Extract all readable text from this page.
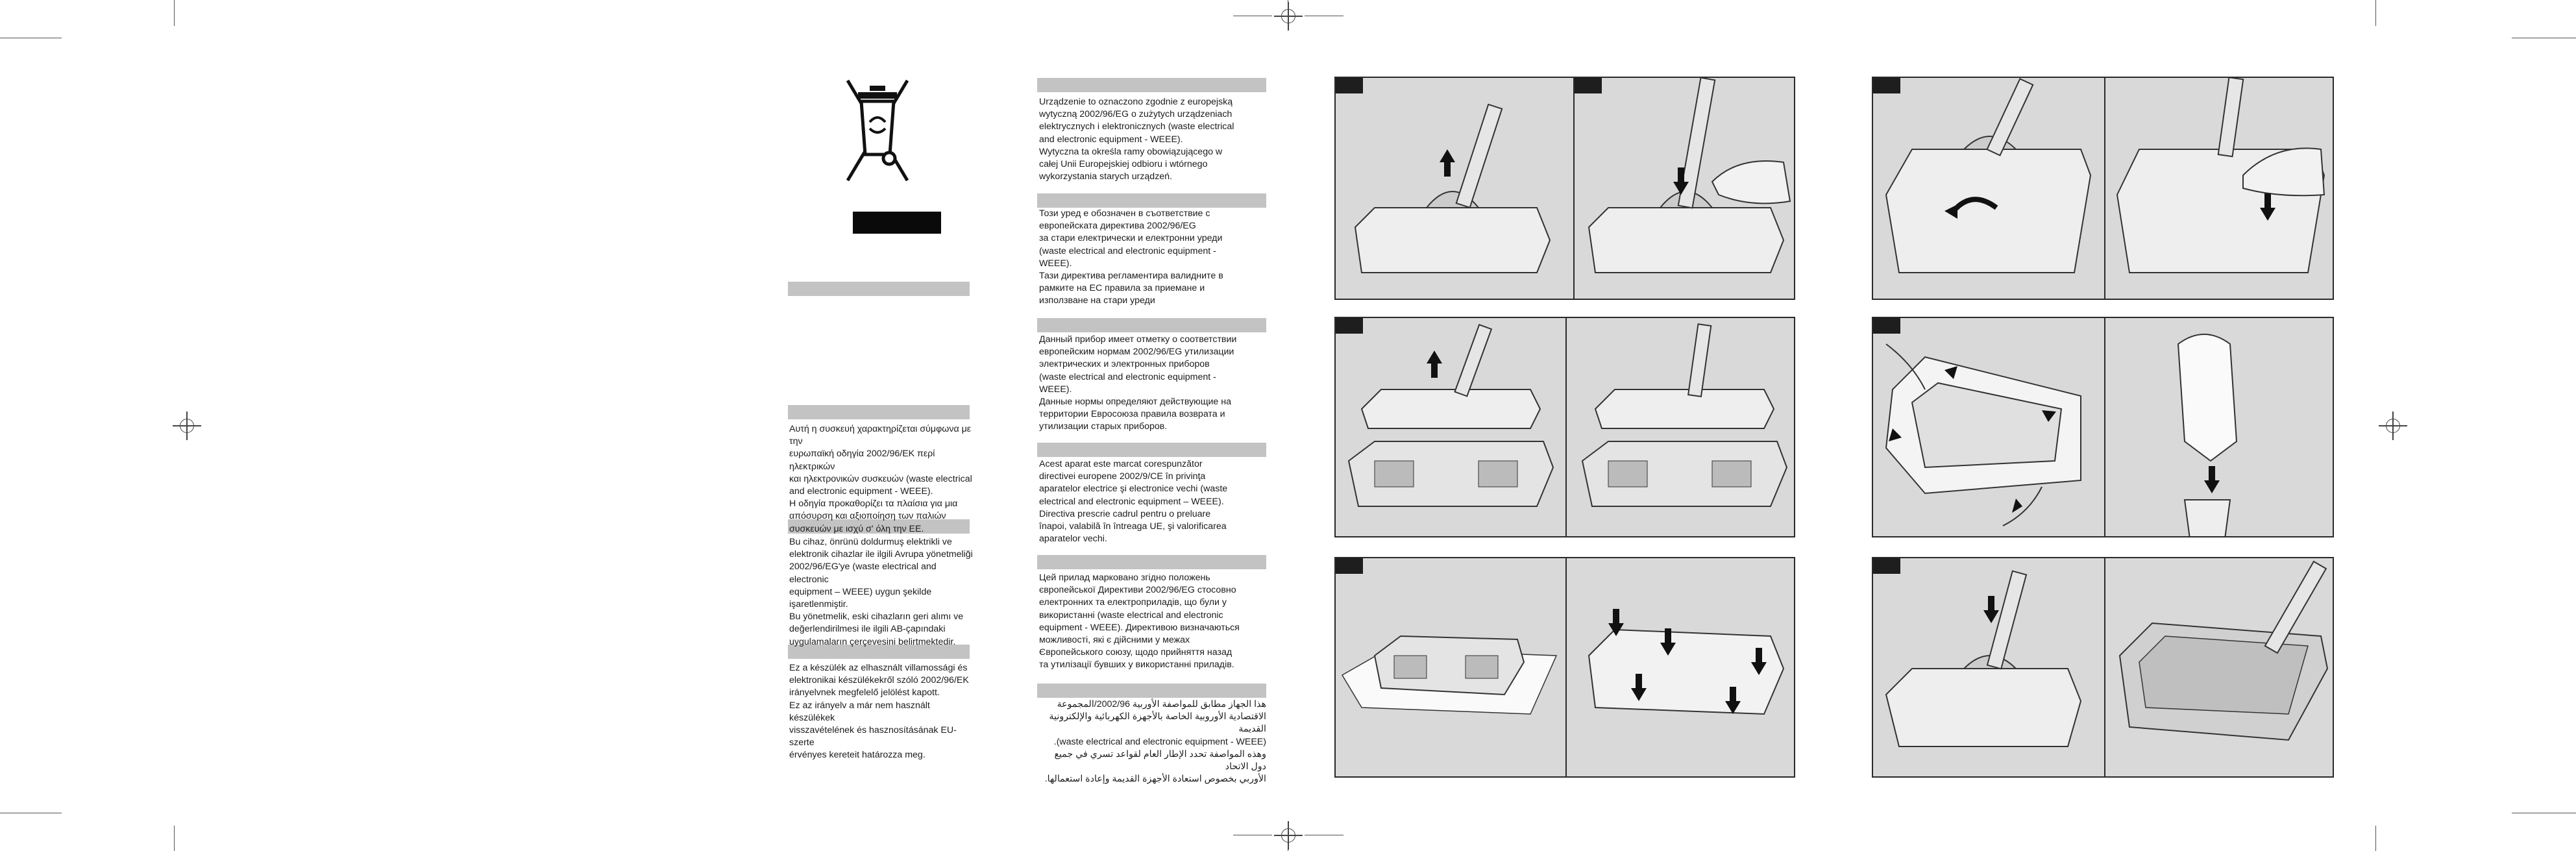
Αυτή η συσκευή χαρακτηρίζεται σύμφωνα με την
ευρωπαϊκή οδηγία 2002/96/ΕΚ περί ηλεκτρικών
και ηλεκτρονικών συσκευών (waste electrical
and electronic equipment - WEEE).
Η οδηγία προκαθορίζει τα πλαίσια για μια
απόσυρση και αξιοποίηση των παλιών
συσκευών με ισχύ σ' όλη την ΕΕ.
Bu cihaz, önrünü doldurmuş elektrikli ve
elektronik cihazlar ile ilgili Avrupa yönetmeliği
2002/96/EG'ye (waste electrical and electronic
equipment – WEEE) uygun şekilde
işaretlenmiştir.
Bu yönetmelik, eski cihazların geri alımı ve
değerlendirilmesi ile ilgili AB-çapındaki
uygulamaların çerçevesini belirtmektedir.
Ez a készülék az elhasznált villamossági és
elektronikai készülékekről szóló 2002/96/EK
irányelvnek megfelelő jelölést kapott.
Ez az irányelv a már nem használt készülékek
visszavételének és hasznosításának EU-szerte
érvényes kereteit határozza meg.
Urządzenie to oznaczono zgodnie z europejską
wytyczną 2002/96/EG o zużytych urządzeniach
elektrycznych i elektronicznych (waste electrical
and electronic equipment - WEEE).
Wytyczna ta określa ramy obowiązującego w
całej Unii Europejskiej odbioru i wtórnego
wykorzystania starych urządzeń.
Този уред е обозначен в съответствие с
европейската директива 2002/96/EG
за стари електрически и електронни уреди
(waste electrical and electronic equipment -
WEEE).
Тази директива регламентира валидните в
рамките на ЕС правила за приемане и
използване на стари уреди
Данный прибор имеет отметку о соответствии
европейским нормам 2002/96/EG утилизации
электрических и электронных приборов
(waste electrical and electronic equipment -
WEEE).
Данные нормы определяют действующие на
территории Евросоюза правила возврата и
утилизации старых приборов.
Acest aparat este marcat corespunzător
directivei europene 2002/9/CE în privinţa
aparatelor electrice şi electronice vechi (waste
electrical and electronic equipment – WEEE).
Directiva prescrie cadrul pentru o preluare
înapoi, valabilă în întreaga UE, şi valorificarea
aparatelor vechi.
Цей прилад марковано згідно положень
європейської Директиви 2002/96/EG стосовно
електронних та електроприладів, що були у
використанні (waste electrical and electronic
equipment - WEEE). Директивою визначаються
можливості, які є дійсними у межах
Європейського союзу, щодо прийняття назад
та утилізації бувших у використанні приладів.
هذا الجهاز مطابق للمواصفة الأوربية 2002/96/المجموعة
الاقتصادية الأوروبية الخاصة بالأجهزة الكهربائية والإلكترونية القديمة
(waste electrical and electronic equipment - WEEE).
وهذه المواصفة تحدد الإطار العام لقواعد تسري في جميع دول الاتحاد
الأوربي بخصوص استعادة الأجهزة القديمة وإعادة استعمالها.
